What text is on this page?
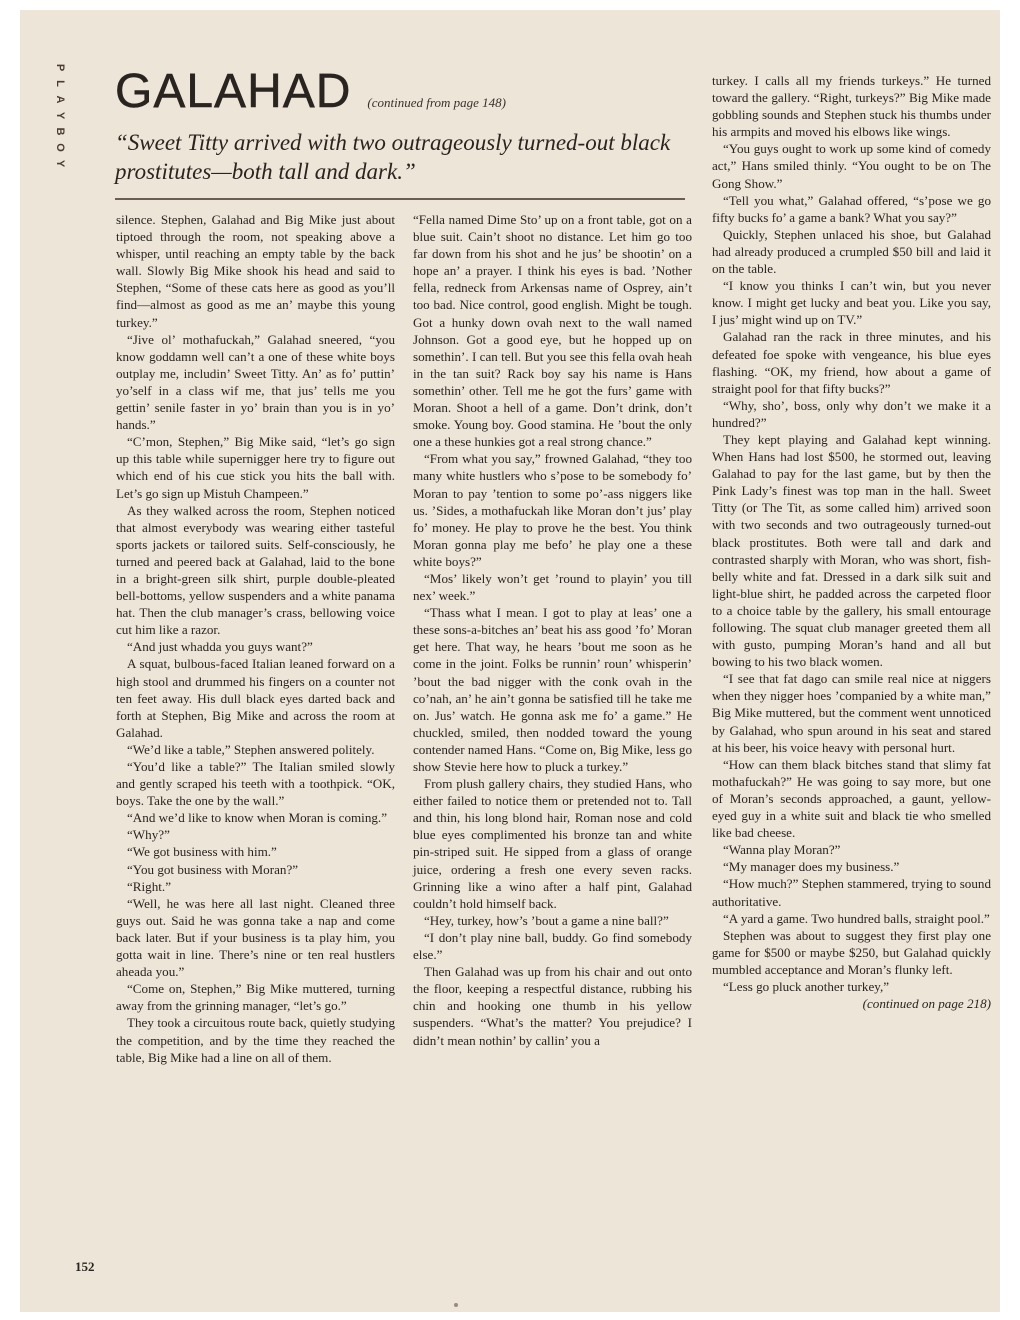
P
L
A
Y
B
O
Y
GALAHAD (continued from page 148)
“Sweet Titty arrived with two outrageously turned-out black prostitutes—both tall and dark.”

silence. Stephen, Galahad and Big Mike just about tiptoed through the room, not speaking above a whisper, until reaching an empty table by the back wall. Slowly Big Mike shook his head and said to Stephen, “Some of these cats here as good as you’ll find—almost as good as me an’ maybe this young turkey.”

“Jive ol’ mothafuckah,” Galahad sneered, “you know goddamn well can’t a one of these white boys outplay me, includin’ Sweet Titty. An’ as fo’ puttin’ yo’self in a class wif me, that jus’ tells me you gettin’ senile faster in yo’ brain than you is in yo’ hands.”

“C’mon, Stephen,” Big Mike said, “let’s go sign up this table while supernigger here try to figure out which end of his cue stick you hits the ball with. Let’s go sign up Mistuh Champeen.”

As they walked across the room, Stephen noticed that almost everybody was wearing either tasteful sports jackets or tailored suits. Self-consciously, he turned and peered back at Galahad, laid to the bone in a bright-green silk shirt, purple double-pleated bell-bottoms, yellow suspenders and a white panama hat. Then the club manager’s crass, bellowing voice cut him like a razor.

“And just whadda you guys want?”

A squat, bulbous-faced Italian leaned forward on a high stool and drummed his fingers on a counter not ten feet away. His dull black eyes darted back and forth at Stephen, Big Mike and across the room at Galahad.

“We’d like a table,” Stephen answered politely.

“You’d like a table?” The Italian smiled slowly and gently scraped his teeth with a toothpick. “OK, boys. Take the one by the wall.”

“And we’d like to know when Moran is coming.”

“Why?”

“We got business with him.”

“You got business with Moran?”

“Right.”

“Well, he was here all last night. Cleaned three guys out. Said he was gonna take a nap and come back later. But if your business is ta play him, you gotta wait in line. There’s nine or ten real hustlers aheada you.”

“Come on, Stephen,” Big Mike muttered, turning away from the grinning manager, “let’s go.”

They took a circuitous route back, quietly studying the competition, and by the time they reached the table, Big Mike had a line on all of them.

“Fella named Dime Sto’ up on a front table, got on a blue suit. Cain’t shoot no distance. Let him go too far down from his shot and he jus’ be shootin’ on a hope an’ a prayer. I think his eyes is bad. ’Nother fella, redneck from Arkensas name of Osprey, ain’t too bad. Nice control, good english. Might be tough. Got a hunky down ovah next to the wall named Johnson. Got a good eye, but he hopped up on somethin’. I can tell. But you see this fella ovah heah in the tan suit? Rack boy say his name is Hans somethin’ other. Tell me he got the furs’ game with Moran. Shoot a hell of a game. Don’t drink, don’t smoke. Young boy. Good stamina. He ’bout the only one a these hunkies got a real strong chance.”

“From what you say,” frowned Galahad, “they too many white hustlers who s’pose to be somebody fo’ Moran to pay ’tention to some po’-ass niggers like us. ’Sides, a mothafuckah like Moran don’t jus’ play fo’ money. He play to prove he the best. You think Moran gonna play me befo’ he play one a these white boys?”

“Mos’ likely won’t get ’round to playin’ you till nex’ week.”

“Thass what I mean. I got to play at leas’ one a these sons-a-bitches an’ beat his ass good ’fo’ Moran get here. That way, he hears ’bout me soon as he come in the joint. Folks be runnin’ roun’ whisperin’ ’bout the bad nigger with the conk ovah in the co’nah, an’ he ain’t gonna be satisfied till he take me on. Jus’ watch. He gonna ask me fo’ a game.” He chuckled, smiled, then nodded toward the young contender named Hans. “Come on, Big Mike, less go show Stevie here how to pluck a turkey.”

From plush gallery chairs, they studied Hans, who either failed to notice them or pretended not to. Tall and thin, his long blond hair, Roman nose and cold blue eyes complimented his bronze tan and white pin-striped suit. He sipped from a glass of orange juice, ordering a fresh one every seven racks. Grinning like a wino after a half pint, Galahad couldn’t hold himself back.

“Hey, turkey, how’s ’bout a game a nine ball?”

“I don’t play nine ball, buddy. Go find somebody else.”

Then Galahad was up from his chair and out onto the floor, keeping a respectful distance, rubbing his chin and hooking one thumb in his yellow suspenders. “What’s the matter? You prejudice? I didn’t mean nothin’ by callin’ you a

turkey. I calls all my friends turkeys.” He turned toward the gallery. “Right, turkeys?” Big Mike made gobbling sounds and Stephen stuck his thumbs under his armpits and moved his elbows like wings.

“You guys ought to work up some kind of comedy act,” Hans smiled thinly. “You ought to be on The Gong Show.”

“Tell you what,” Galahad offered, “s’pose we go fifty bucks fo’ a game a bank? What you say?”

Quickly, Stephen unlaced his shoe, but Galahad had already produced a crumpled $50 bill and laid it on the table.

“I know you thinks I can’t win, but you never know. I might get lucky and beat you. Like you say, I jus’ might wind up on TV.”

Galahad ran the rack in three minutes, and his defeated foe spoke with vengeance, his blue eyes flashing. “OK, my friend, how about a game of straight pool for that fifty bucks?”

“Why, sho’, boss, only why don’t we make it a hundred?”

They kept playing and Galahad kept winning. When Hans had lost $500, he stormed out, leaving Galahad to pay for the last game, but by then the Pink Lady’s finest was top man in the hall. Sweet Titty (or The Tit, as some called him) arrived soon with two seconds and two outrageously turned-out black prostitutes. Both were tall and dark and contrasted sharply with Moran, who was short, fish-belly white and fat. Dressed in a dark silk suit and light-blue shirt, he padded across the carpeted floor to a choice table by the gallery, his small entourage following. The squat club manager greeted them all with gusto, pumping Moran’s hand and all but bowing to his two black women.

“I see that fat dago can smile real nice at niggers when they nigger hoes ’companied by a white man,” Big Mike muttered, but the comment went unnoticed by Galahad, who spun around in his seat and stared at his beer, his voice heavy with personal hurt.

“How can them black bitches stand that slimy fat mothafuckah?” He was going to say more, but one of Moran’s seconds approached, a gaunt, yellow-eyed guy in a white suit and black tie who smelled like bad cheese.

“Wanna play Moran?”

“My manager does my business.”

“How much?” Stephen stammered, trying to sound authoritative.

“A yard a game. Two hundred balls, straight pool.”

Stephen was about to suggest they first play one game for $500 or maybe $250, but Galahad quickly mumbled acceptance and Moran’s flunky left.

“Less go pluck another turkey,”

(continued on page 218)

152
